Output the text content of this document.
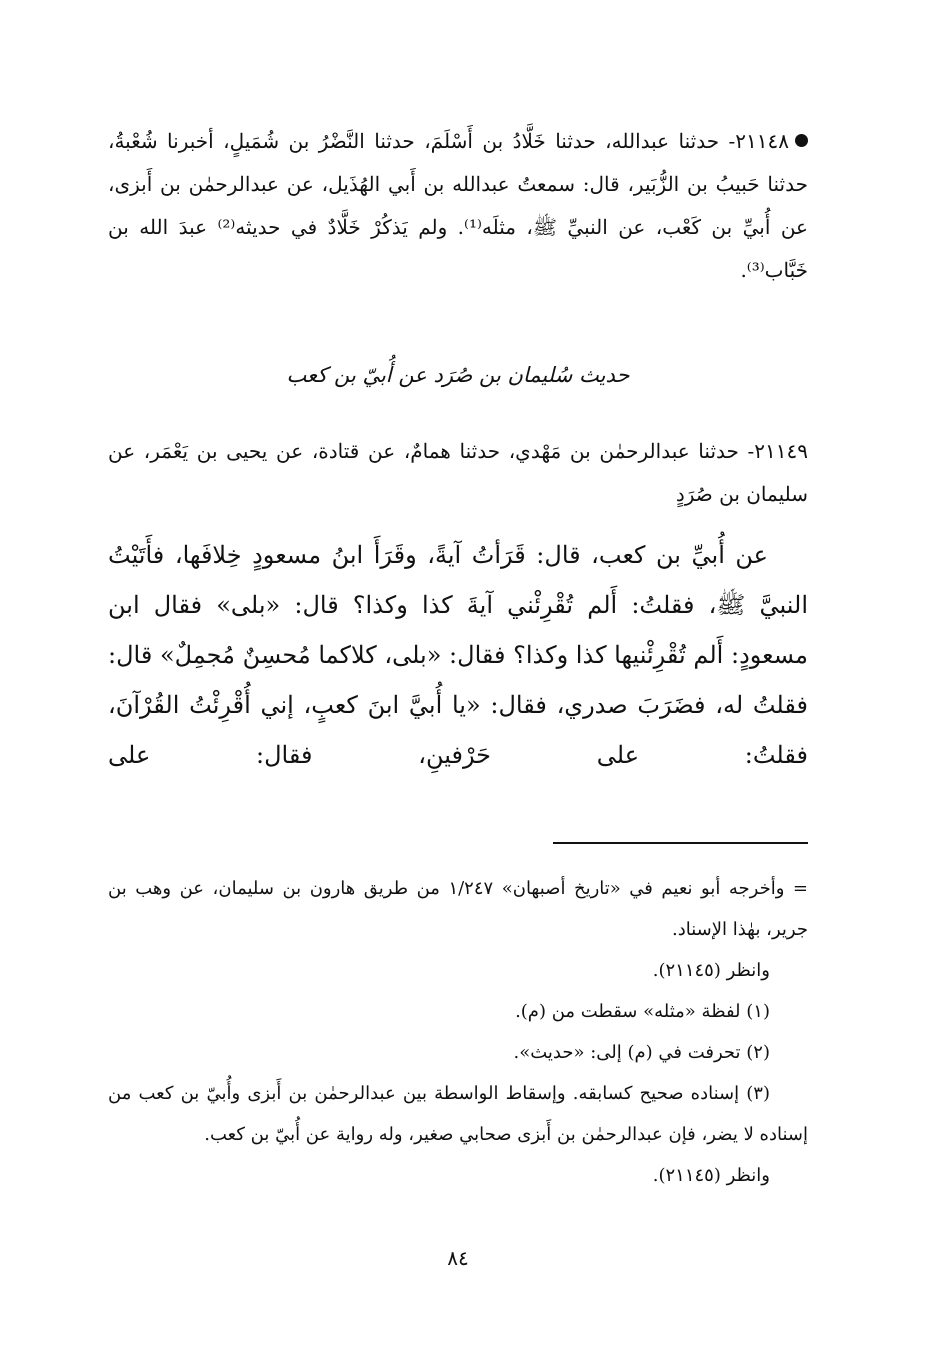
٢١١٤٨- حدثنا عبدالله، حدثنا خَلَّادُ بن أَسْلَمَ، حدثنا النَّضْرُ بن شُمَيلٍ، أخبرنا شُعْبةُ، حدثنا حَبيبُ بن الزُّبَير، قال: سمعتُ عبدالله بن أَبي الهُذَيل، عن عبدالرحمٰن بن أَبزى، عن أُبيِّ بن كَعْب، عن النبيِّ ﷺ، مثلَه⁽¹⁾. ولم يَذكُرْ خَلَّادٌ في حديثه⁽²⁾ عبدَ الله بن خَبَّاب⁽³⁾.
حديث سُليمان بن صُرَد عن أُبيّ بن كعب
٢١١٤٩- حدثنا عبدالرحمٰن بن مَهْدي، حدثنا همامٌ، عن قتادة، عن يحيى بن يَعْمَر، عن سليمان بن صُرَدٍ

عن أُبيِّ بن كعب، قال: قَرَأتُ آيةً، وقَرَأَ ابنُ مسعودٍ خِلافَها، فأَتَيْتُ النبيَّ ﷺ، فقلتُ: أَلم تُقْرِئْني آيةَ كذا وكذا؟ قال: «بلى» فقال ابن مسعودٍ: أَلم تُقْرِئْنيها كذا وكذا؟ فقال: «بلى، كلاكما مُحسِنٌ مُجمِلٌ» قال: فقلتُ له، فضَرَبَ صدري، فقال: «يا أُبيَّ ابنَ كعبٍ، إني أُقْرِئْتُ القُرْآنَ، فقلتُ: على حَرْفينِ، فقال: على

= وأخرجه أبو نعيم في «تاريخ أصبهان» ١/٢٤٧ من طريق هارون بن سليمان، عن وهب بن جرير، بهٰذا الإسناد.

وانظر (٢١١٤٥).

(١) لفظة «مثله» سقطت من (م).

(٢) تحرفت في (م) إلى: «حديث».

(٣) إسناده صحيح كسابقه. وإسقاط الواسطة بين عبدالرحمٰن بن أَبزى وأُبيّ بن كعب من إسناده لا يضر، فإن عبدالرحمٰن بن أَبزى صحابي صغير، وله رواية عن أُبيّ بن كعب.

وانظر (٢١١٤٥).

٨٤
